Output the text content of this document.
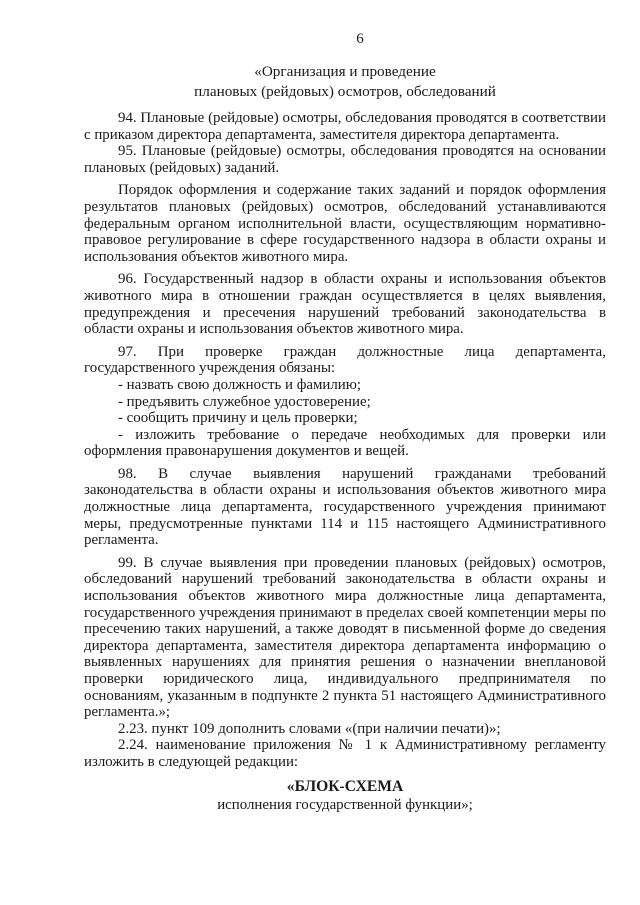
6
«Организация и проведение
плановых (рейдовых) осмотров, обследований

94. Плановые (рейдовые) осмотры, обследования проводятся в соответствии с приказом директора департамента, заместителя директора департамента.

95. Плановые (рейдовые) осмотры, обследования проводятся на основании плановых (рейдовых) заданий.

Порядок оформления и содержание таких заданий и порядок оформления результатов плановых (рейдовых) осмотров, обследований устанавливаются федеральным органом исполнительной власти, осуществляющим нормативно-правовое регулирование в сфере государственного надзора в области охраны и использования объектов животного мира.

96. Государственный надзор в области охраны и использования объектов животного мира в отношении граждан осуществляется в целях выявления, предупреждения и пресечения нарушений требований законодательства в области охраны и использования объектов животного мира.

97. При проверке граждан должностные лица департамента, государственного учреждения обязаны:

- назвать свою должность и фамилию;

- предъявить служебное удостоверение;

- сообщить причину и цель проверки;

- изложить требование о передаче необходимых для проверки или оформления правонарушения документов и вещей.

98. В случае выявления нарушений гражданами требований законодательства в области охраны и использования объектов животного мира должностные лица департамента, государственного учреждения принимают меры, предусмотренные пунктами 114 и 115 настоящего Административного регламента.

99. В случае выявления при проведении плановых (рейдовых) осмотров, обследований нарушений требований законодательства в области охраны и использования объектов животного мира должностные лица департамента, государственного учреждения принимают в пределах своей компетенции меры по пресечению таких нарушений, а также доводят в письменной форме до сведения директора департамента, заместителя директора департамента информацию о выявленных нарушениях для принятия решения о назначении внеплановой проверки юридического лица, индивидуального предпринимателя по основаниям, указанным в подпункте 2 пункта 51 настоящего Административного регламента.»;

2.23. пункт 109 дополнить словами «(при наличии печати)»;

2.24. наименование приложения № 1 к Административному регламенту изложить в следующей редакции:

«БЛОК-СХЕМА

исполнения государственной функции»;
